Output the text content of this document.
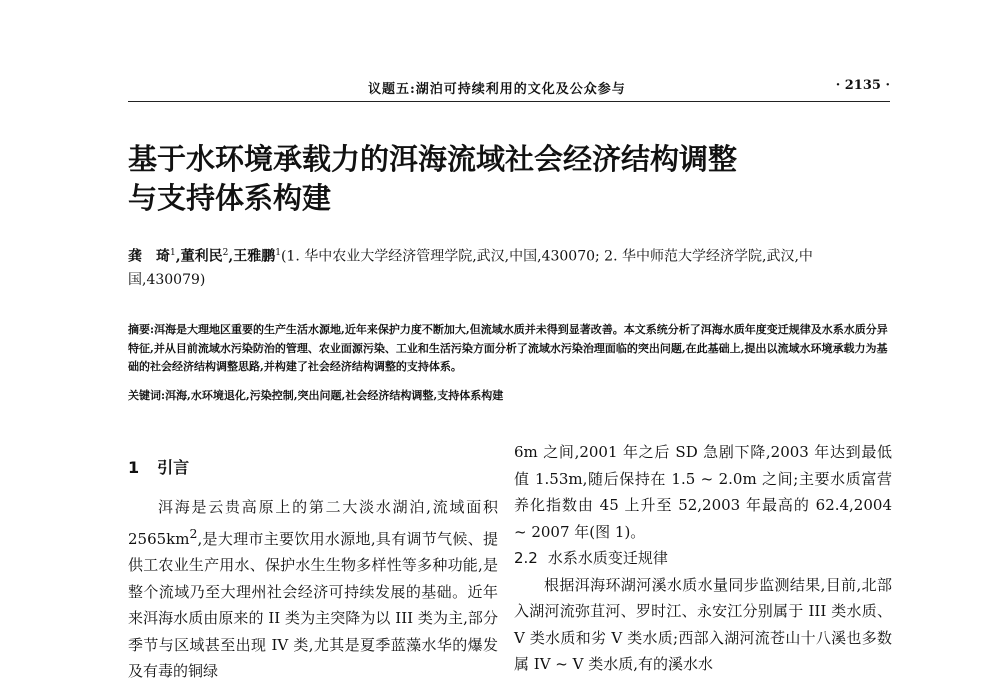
议题五:湖泊可持续利用的文化及公众参与	· 2135 ·
基于水环境承载力的洱海流域社会经济结构调整
与支持体系构建
龚　琦$^1$,董利民$^2$,王雅鹏$^1$(1. 华中农业大学经济管理学院,武汉,中国,430070; 2. 华中师范大学经济学院,武汉,中国,430079)
摘要:洱海是大理地区重要的生产生活水源地,近年来保护力度不断加大,但流域水质并未得到显著改善。本文系统分析了洱海水质年度变迁规律及水系水质分异特征,并从目前流域水污染防治的管理、农业面源污染、工业和生活污染方面分析了流域水污染治理面临的突出问题,在此基础上,提出以流域水环境承载力为基础的社会经济结构调整思路,并构建了社会经济结构调整的支持体系。
关键词:洱海,水环境退化,污染控制,突出问题,社会经济结构调整,支持体系构建
1 引言

洱海是云贵高原上的第二大淡水湖泊,流域面积$2565km^2$,是大理市主要饮用水源地,具有调节气候、提供工农业生产用水、保护水生生物多样性等多种功能,是整个流域乃至大理州社会经济可持续发展的基础。近年来洱海水质由原来的 II 类为主突降为以 III 类为主,部分季节与区域甚至出现 IV 类,尤其是夏季蓝藻水华的爆发及有毒的铜绿

6m 之间,2001 年之后 SD 急剧下降,2003 年达到最低值 1.53m,随后保持在 1.5 ~ 2.0m 之间;主要水质富营养化指数由 45 上升至 52,2003 年最高的 62.4,2004 ~ 2007 年(图 1)。

2.2 水系水质变迁规律

根据洱海环湖河溪水质水量同步监测结果,目前,北部入湖河流弥苴河、罗时江、永安江分别属于 III 类水质、V 类水质和劣 V 类水质;西部入湖河流苍山十八溪也多数属 IV ~ V 类水质,有的溪水水
